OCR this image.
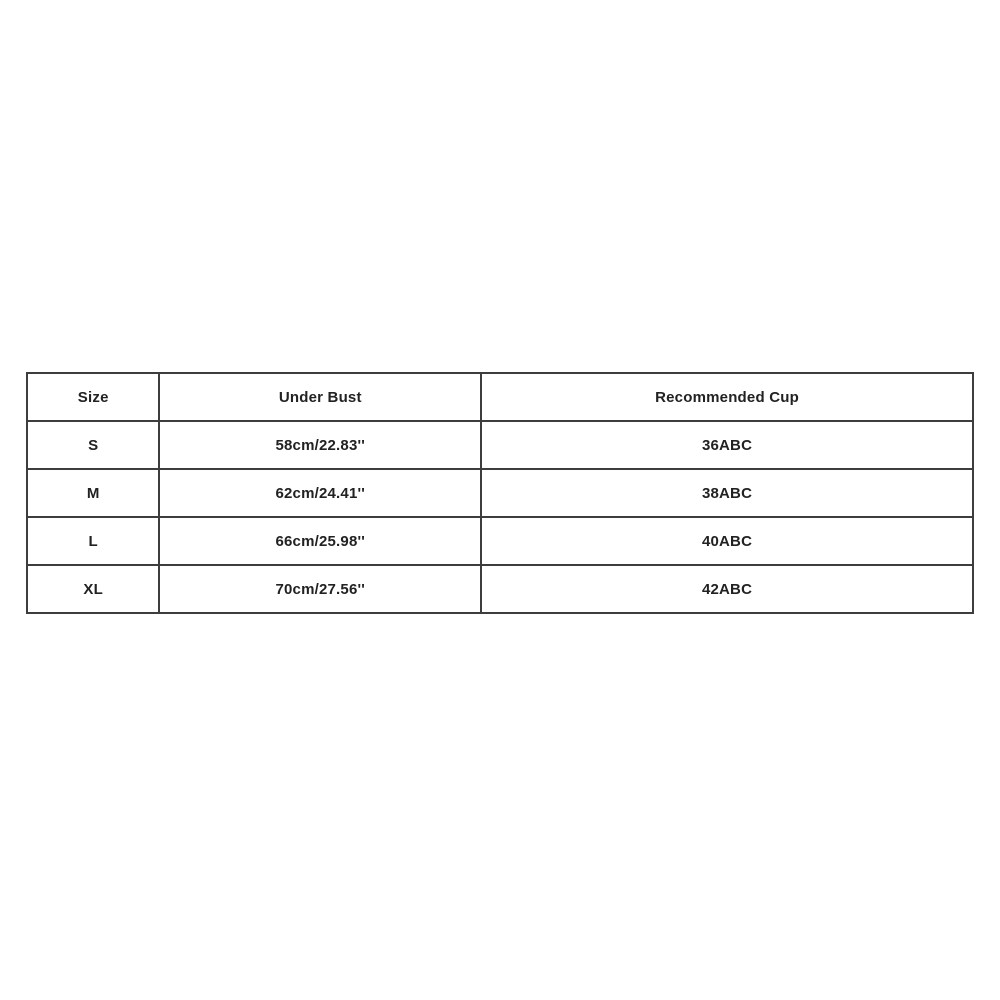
Size	Under Bust	Recommended Cup
S	58cm/22.83''	36ABC
M	62cm/24.41''	38ABC
L	66cm/25.98''	40ABC
XL	70cm/27.56''	42ABC
